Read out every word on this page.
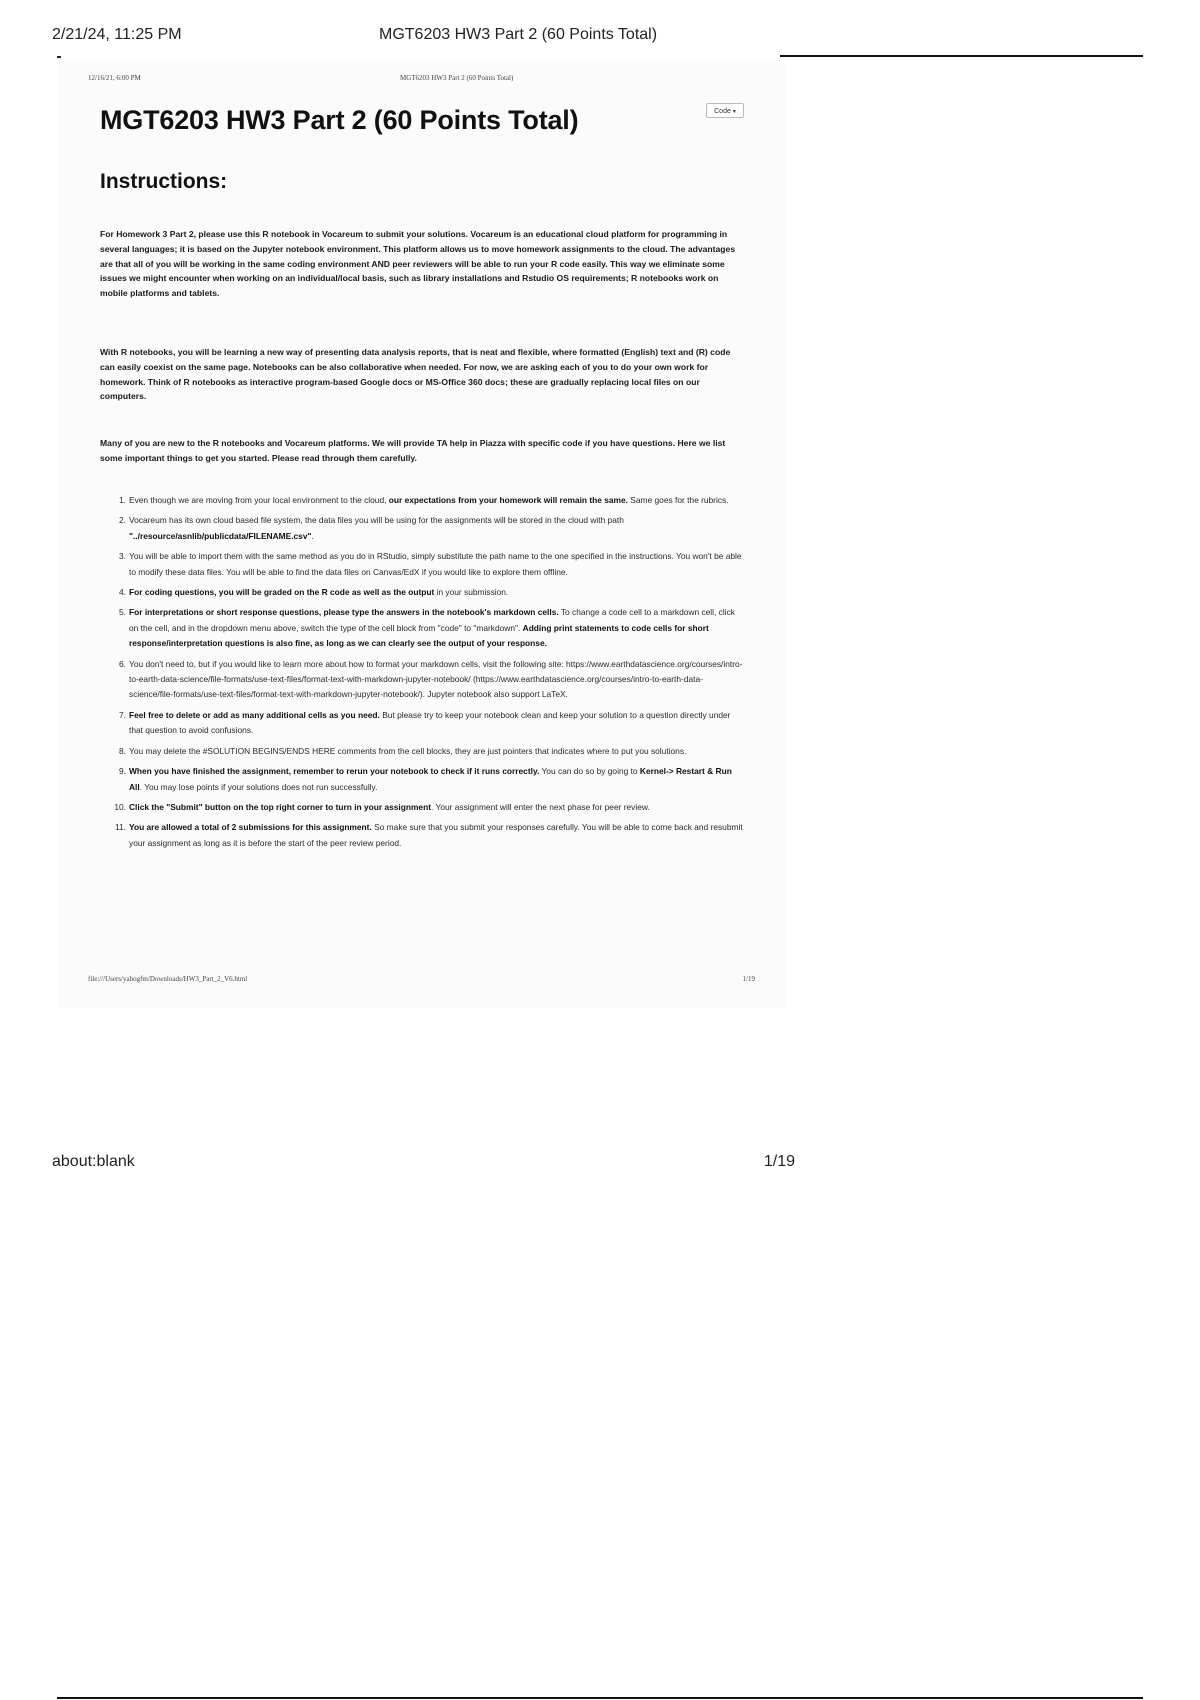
2/21/24, 11:25 PM	MGT6203 HW3 Part 2 (60 Points Total)
12/16/21, 6:00 PM	MGT6203 HW3 Part 2 (60 Points Total)
Code ▾
MGT6203 HW3 Part 2 (60 Points Total)
Instructions:

For Homework 3 Part 2, please use this R notebook in Vocareum to submit your solutions. Vocareum is an educational cloud platform for programming in several languages; it is based on the Jupyter notebook environment. This platform allows us to move homework assignments to the cloud. The advantages are that all of you will be working in the same coding environment AND peer reviewers will be able to run your R code easily. This way we eliminate some issues we might encounter when working on an individual/local basis, such as library installations and Rstudio OS requirements; R notebooks work on mobile platforms and tablets.

With R notebooks, you will be learning a new way of presenting data analysis reports, that is neat and flexible, where formatted (English) text and (R) code can easily coexist on the same page. Notebooks can be also collaborative when needed. For now, we are asking each of you to do your own work for homework. Think of R notebooks as interactive program-based Google docs or MS-Office 360 docs; these are gradually replacing local files on our computers.

Many of you are new to the R notebooks and Vocareum platforms. We will provide TA help in Piazza with specific code if you have questions. Here we list some important things to get you started. Please read through them carefully.

1. Even though we are moving from your local environment to the cloud, our expectations from your homework will remain the same. Same goes for the rubrics.
2. Vocareum has its own cloud based file system, the data files you will be using for the assignments will be stored in the cloud with path "../resource/asnlib/publicdata/FILENAME.csv".
3. You will be able to import them with the same method as you do in RStudio, simply substitute the path name to the one specified in the instructions. You won't be able to modify these data files. You will be able to find the data files on Canvas/EdX if you would like to explore them offline.
4. For coding questions, you will be graded on the R code as well as the output in your submission.
5. For interpretations or short response questions, please type the answers in the notebook's markdown cells. To change a code cell to a markdown cell, click on the cell, and in the dropdown menu above, switch the type of the cell block from "code" to "markdown". Adding print statements to code cells for short response/interpretation questions is also fine, as long as we can clearly see the output of your response.
6. You don't need to, but if you would like to learn more about how to format your markdown cells, visit the following site: https://www.earthdatascience.org/courses/intro-to-earth-data-science/file-formats/use-text-files/format-text-with-markdown-jupyter-notebook/ (https://www.earthdatascience.org/courses/intro-to-earth-data-science/file-formats/use-text-files/format-text-with-markdown-jupyter-notebook/). Jupyter notebook also support LaTeX.
7. Feel free to delete or add as many additional cells as you need. But please try to keep your notebook clean and keep your solution to a question directly under that question to avoid confusions.
8. You may delete the #SOLUTION BEGINS/ENDS HERE comments from the cell blocks, they are just pointers that indicates where to put you solutions.
9. When you have finished the assignment, remember to rerun your notebook to check if it runs correctly. You can do so by going to Kernel-> Restart & Run All. You may lose points if your solutions does not run successfully.
10. Click the "Submit" button on the top right corner to turn in your assignment. Your assignment will enter the next phase for peer review.
11. You are allowed a total of 2 submissions for this assignment. So make sure that you submit your responses carefully. You will be able to come back and resubmit your assignment as long as it is before the start of the peer review period.
file:///Users/yabogfm/Downloads/HW3_Part_2_V6.html	1/19
about:blank	1/19
